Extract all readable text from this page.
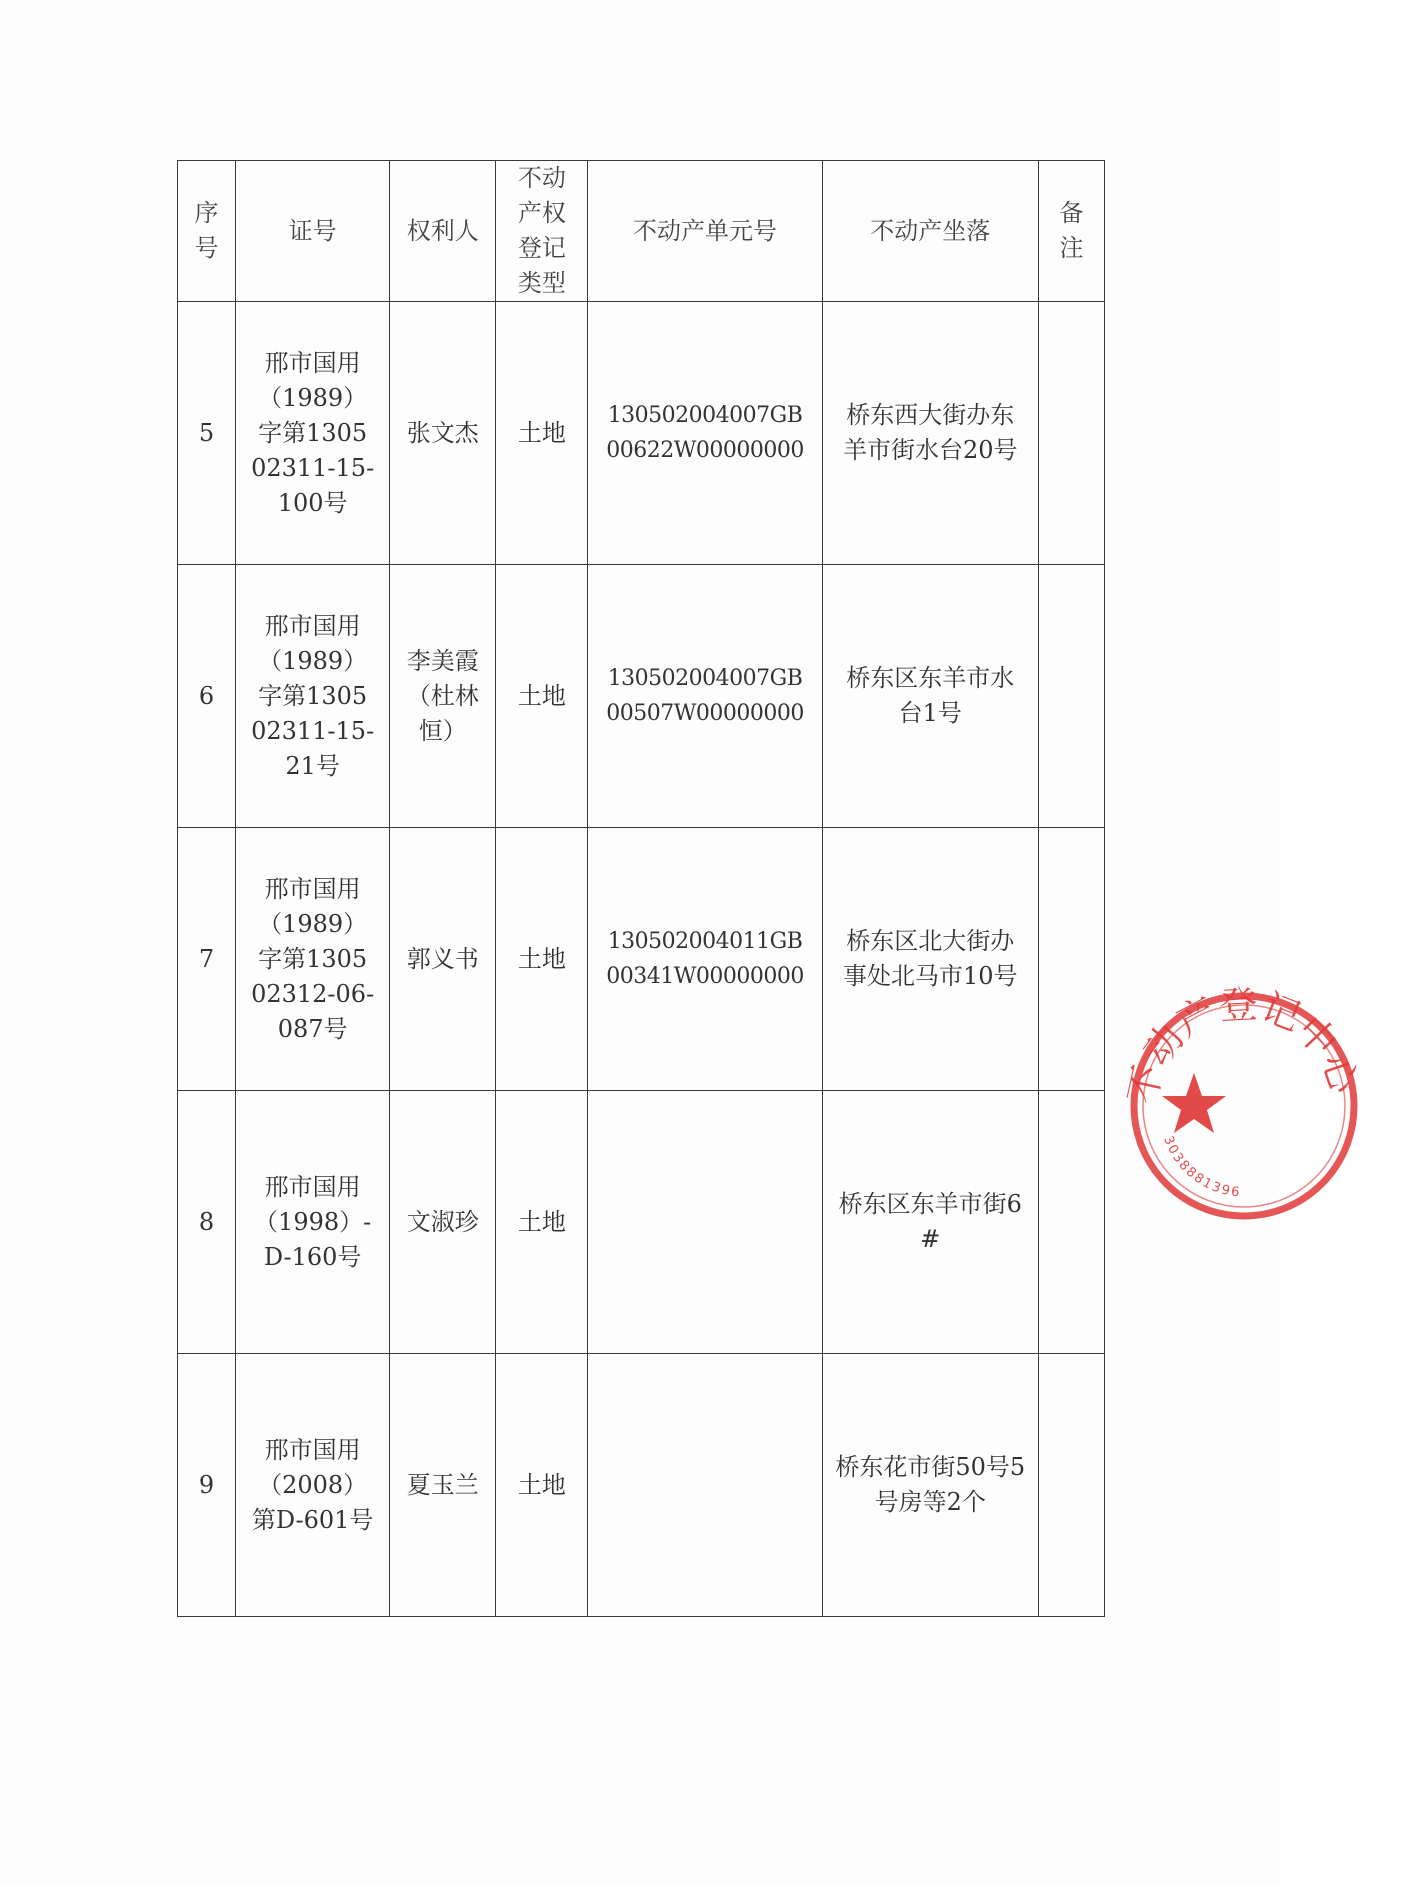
序号	证号	权利人	不动产权登记类型	不动产单元号	不动产坐落	备注
5	邢市国用（1989）字第130502311-15-100号	张文杰	土地	130502004007GB00622W00000000	桥东西大街办东羊市街水台20号	
6	邢市国用（1989）字第130502311-15-21号	李美霞（杜林恒）	土地	130502004007GB00507W00000000	桥东区东羊市水台1号	
7	邢市国用（1989）字第130502312-06-087号	郭义书	土地	130502004011GB00341W00000000	桥东区北大街办事处北马市10号	
8	邢市国用（1998）-D-160号	文淑珍	土地		桥东区东羊市街6#	
9	邢市国用（2008）第D-601号	夏玉兰	土地		桥东花市街50号5号房等2个	
不动产登记中心
3038881396
